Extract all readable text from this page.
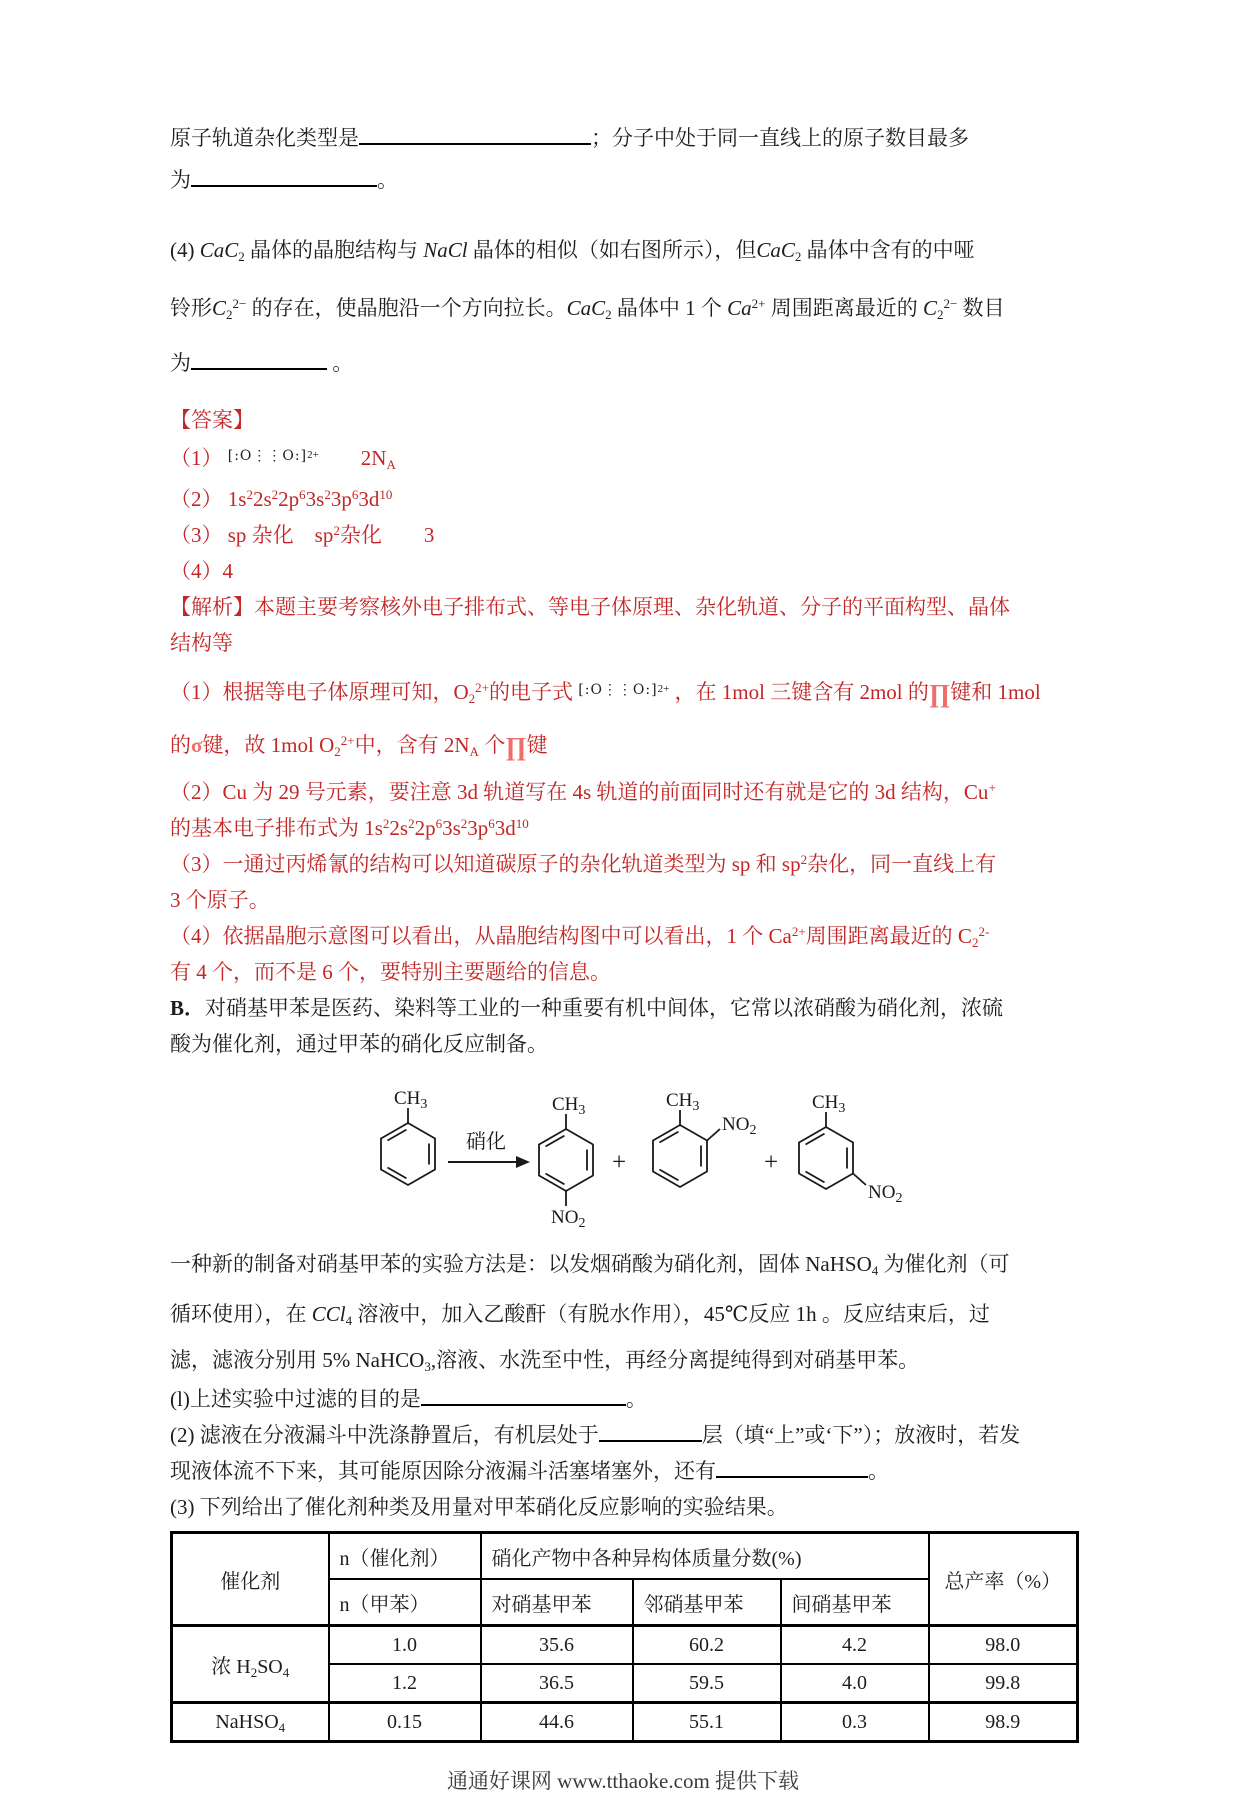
原子轨道杂化类型是	；分子中处于同一直线上的原子数目最多
为	。
(4) CaC$_2$ 晶体的晶胞结构与 NaCl 晶体的相似（如右图所示），但CaC$_2$ 晶体中含有的中哑
铃形$C_2^{2-}$ 的存在，使晶胞沿一个方向拉长。CaC$_2$ 晶体中 1 个 $Ca^{2+}$ 周围距离最近的 $C_2^{2-}$ 数目
为	。
【答案】
（1） $^{[:O⋮⋮O:]2+}$　　$2N_A$
（2） $1s^22s^22p^63s^23p^63d^{10}$
（3） sp 杂化　$sp^2$杂化　　3
（4）4
【解析】本题主要考察核外电子排布式、等电子体原理、杂化轨道、分子的平面构型、晶体
结构等
（1）根据等电子体原理可知，$O_2^{2+}$的电子式 $^{[:O⋮⋮O:]2+}$ ，在 1mol 三键含有 2mol 的∏键和 1mol
的σ键，故 1mol $O_2^{2+}$中，含有 $2N_A$ 个∏键
（2）Cu 为 29 号元素，要注意 3d 轨道写在 4s 轨道的前面同时还有就是它的 3d 结构，Cu+
的基本电子排布式为 $1s^22s^22p^63s^23p^63d^{10}$
（3）一通过丙烯氰的结构可以知道碳原子的杂化轨道类型为 sp 和 $sp^2$杂化，同一直线上有
3 个原子。
（4）依据晶胞示意图可以看出，从晶胞结构图中可以看出，1 个 $Ca^{2+}$周围距离最近的 $C_2^{2-}$
有 4 个，而不是 6 个，要特别主要题给的信息。
B．对硝基甲苯是医药、染料等工业的一种重要有机中间体，它常以浓硝酸为硝化剂，浓硫
酸为催化剂，通过甲苯的硝化反应制备。
$CH_3$
硝化
$CH_3$
$NO_2$
+
$CH_3$
$NO_2$
+
$CH_3$
$NO_2$
一种新的制备对硝基甲苯的实验方法是：以发烟硝酸为硝化剂，固体 NaHSO$_4$ 为催化剂（可
循环使用），在 CCl$_4$ 溶液中，加入乙酸酐（有脱水作用），45℃反应 1h 。反应结束后，过
滤，滤液分别用 5% NaHCO$_3$,溶液、水洗至中性，再经分离提纯得到对硝基甲苯。
(l)上述实验中过滤的目的是	。
(2) 滤液在分液漏斗中洗涤静置后，有机层处于	层（填“上”或‘下”）；放液时，若发
现液体流不下来，其可能原因除分液漏斗活塞堵塞外，还有	。
(3) 下列给出了催化剂种类及用量对甲苯硝化反应影响的实验结果。
催化剂	n（催化剂）	硝化产物中各种异构体质量分数(%)			总产率（%）
	n（甲苯）	对硝基甲苯	邻硝基甲苯	间硝基甲苯	
浓 $H_2SO_4$	1.0	35.6	60.2	4.2	98.0
	1.2	36.5	59.5	4.0	99.8
NaHSO$_4$	0.15	44.6	55.1	0.3	98.9
通通好课网 www.tthaoke.com 提供下载
